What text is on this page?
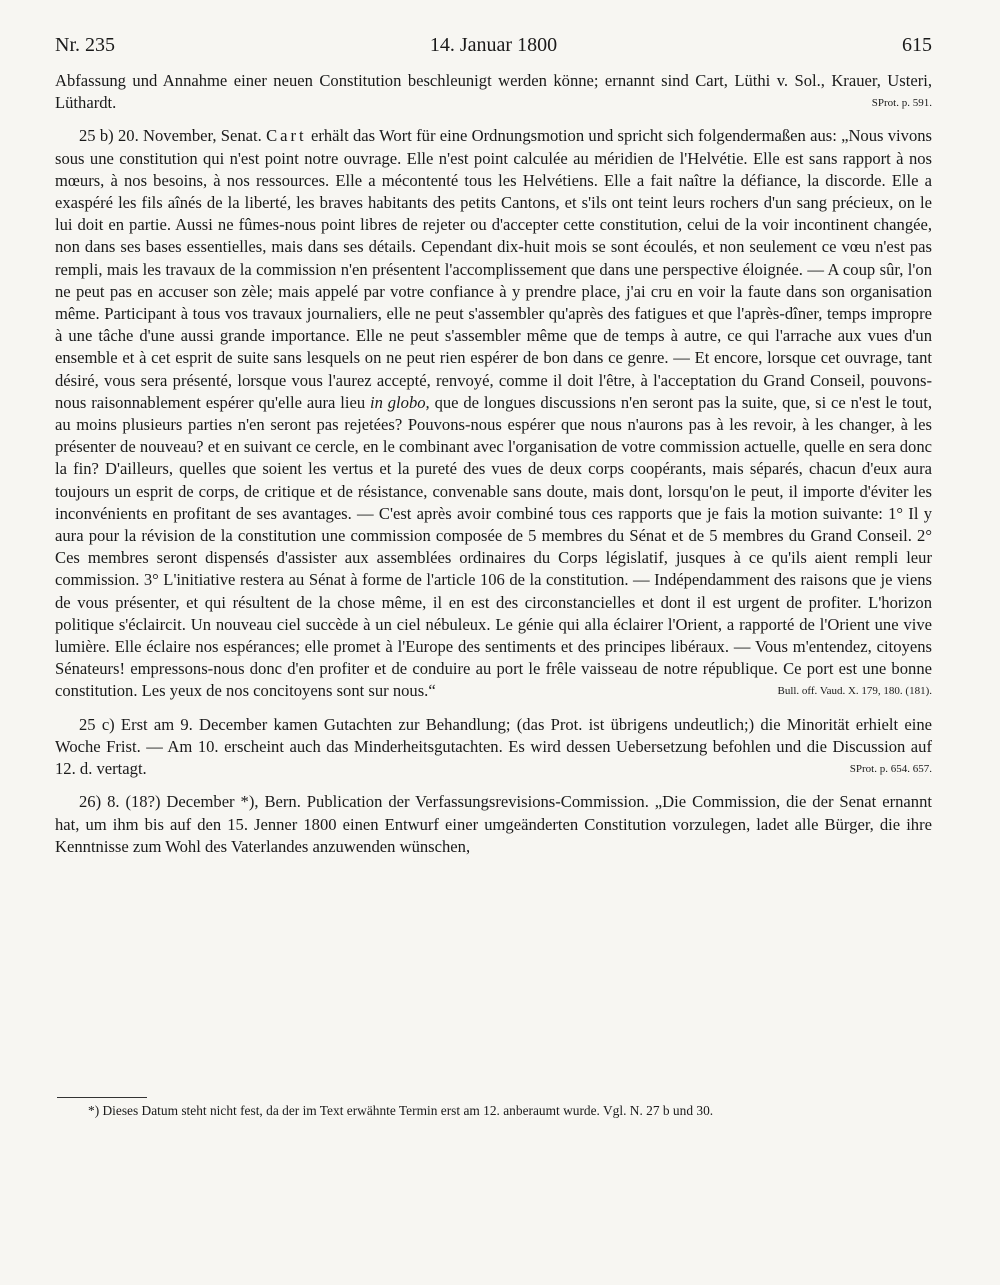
Nr. 235	14. Januar 1800	615

Abfassung und Annahme einer neuen Constitution beschleunigt werden könne; ernannt sind Cart, Lüthi v. Sol., Krauer, Usteri, Lüthardt.	SProt. p. 591.

25 b) 20. November, Senat. Cart erhält das Wort für eine Ordnungsmotion und spricht sich folgendermaßen aus: „Nous vivons sous une constitution qui n'est point notre ouvrage. Elle n'est point calculée au méridien de l'Helvétie. Elle est sans rapport à nos mœurs, à nos besoins, à nos ressources. Elle a mécontenté tous les Helvétiens. Elle a fait naître la défiance, la discorde. Elle a exaspéré les fils aînés de la liberté, les braves habitants des petits Cantons, et s'ils ont teint leurs rochers d'un sang précieux, on le lui doit en partie. Aussi ne fûmes-nous point libres de rejeter ou d'accepter cette constitution, celui de la voir incontinent changée, non dans ses bases essentielles, mais dans ses détails. Cependant dix-huit mois se sont écoulés, et non seulement ce vœu n'est pas rempli, mais les travaux de la commission n'en présentent l'accomplissement que dans une perspective éloignée. — A coup sûr, l'on ne peut pas en accuser son zèle; mais appelé par votre confiance à y prendre place, j'ai cru en voir la faute dans son organisation même. Participant à tous vos travaux journaliers, elle ne peut s'assembler qu'après des fatigues et que l'après-dîner, temps impropre à une tâche d'une aussi grande importance. Elle ne peut s'assembler même que de temps à autre, ce qui l'arrache aux vues d'un ensemble et à cet esprit de suite sans lesquels on ne peut rien espérer de bon dans ce genre. — Et encore, lorsque cet ouvrage, tant désiré, vous sera présenté, lorsque vous l'aurez accepté, renvoyé, comme il doit l'être, à l'acceptation du Grand Conseil, pouvons-nous raisonnablement espérer qu'elle aura lieu in globo, que de longues discussions n'en seront pas la suite, que, si ce n'est le tout, au moins plusieurs parties n'en seront pas rejetées? Pouvons-nous espérer que nous n'aurons pas à les revoir, à les changer, à les présenter de nouveau? et en suivant ce cercle, en le combinant avec l'organisation de votre commission actuelle, quelle en sera donc la fin? D'ailleurs, quelles que soient les vertus et la pureté des vues de deux corps coopérants, mais séparés, chacun d'eux aura toujours un esprit de corps, de critique et de résistance, convenable sans doute, mais dont, lorsqu'on le peut, il importe d'éviter les inconvénients en profitant de ses avantages. — C'est après avoir combiné tous ces rapports que je fais la motion suivante: 1° Il y aura pour la révision de la constitution une commission composée de 5 membres du Sénat et de 5 membres du Grand Conseil. 2° Ces membres seront dispensés d'assister aux assemblées ordinaires du Corps législatif, jusques à ce qu'ils aient rempli leur commission. 3° L'initiative restera au Sénat à forme de l'article 106 de la constitution. — Indépendamment des raisons que je viens de vous présenter, et qui résultent de la chose même, il en est des circonstancielles et dont il est urgent de profiter. L'horizon politique s'éclaircit. Un nouveau ciel succède à un ciel nébuleux. Le génie qui alla éclairer l'Orient, a rapporté de l'Orient une vive lumière. Elle éclaire nos espérances; elle promet à l'Europe des sentiments et des principes libéraux. — Vous m'entendez, citoyens Sénateurs! empressons-nous donc d'en profiter et de conduire au port le frêle vaisseau de notre république. Ce port est une bonne constitution. Les yeux de nos concitoyens sont sur nous.“	Bull. off. Vaud. X. 179, 180. (181).

25 c) Erst am 9. December kamen Gutachten zur Behandlung; (das Prot. ist übrigens undeutlich;) die Minorität erhielt eine Woche Frist. — Am 10. erscheint auch das Minderheitsgutachten. Es wird dessen Uebersetzung befohlen und die Discussion auf 12. d. vertagt.	SProt. p. 654. 657.

26) 8. (18?) December *), Bern. Publication der Verfassungsrevisions-Commission. „Die Commission, die der Senat ernannt hat, um ihm bis auf den 15. Jenner 1800 einen Entwurf einer umgeänderten Constitution vorzulegen, ladet alle Bürger, die ihre Kenntnisse zum Wohl des Vaterlandes anzuwenden wünschen,

*) Dieses Datum steht nicht fest, da der im Text erwähnte Termin erst am 12. anberaumt wurde. Vgl. N. 27 b und 30.
